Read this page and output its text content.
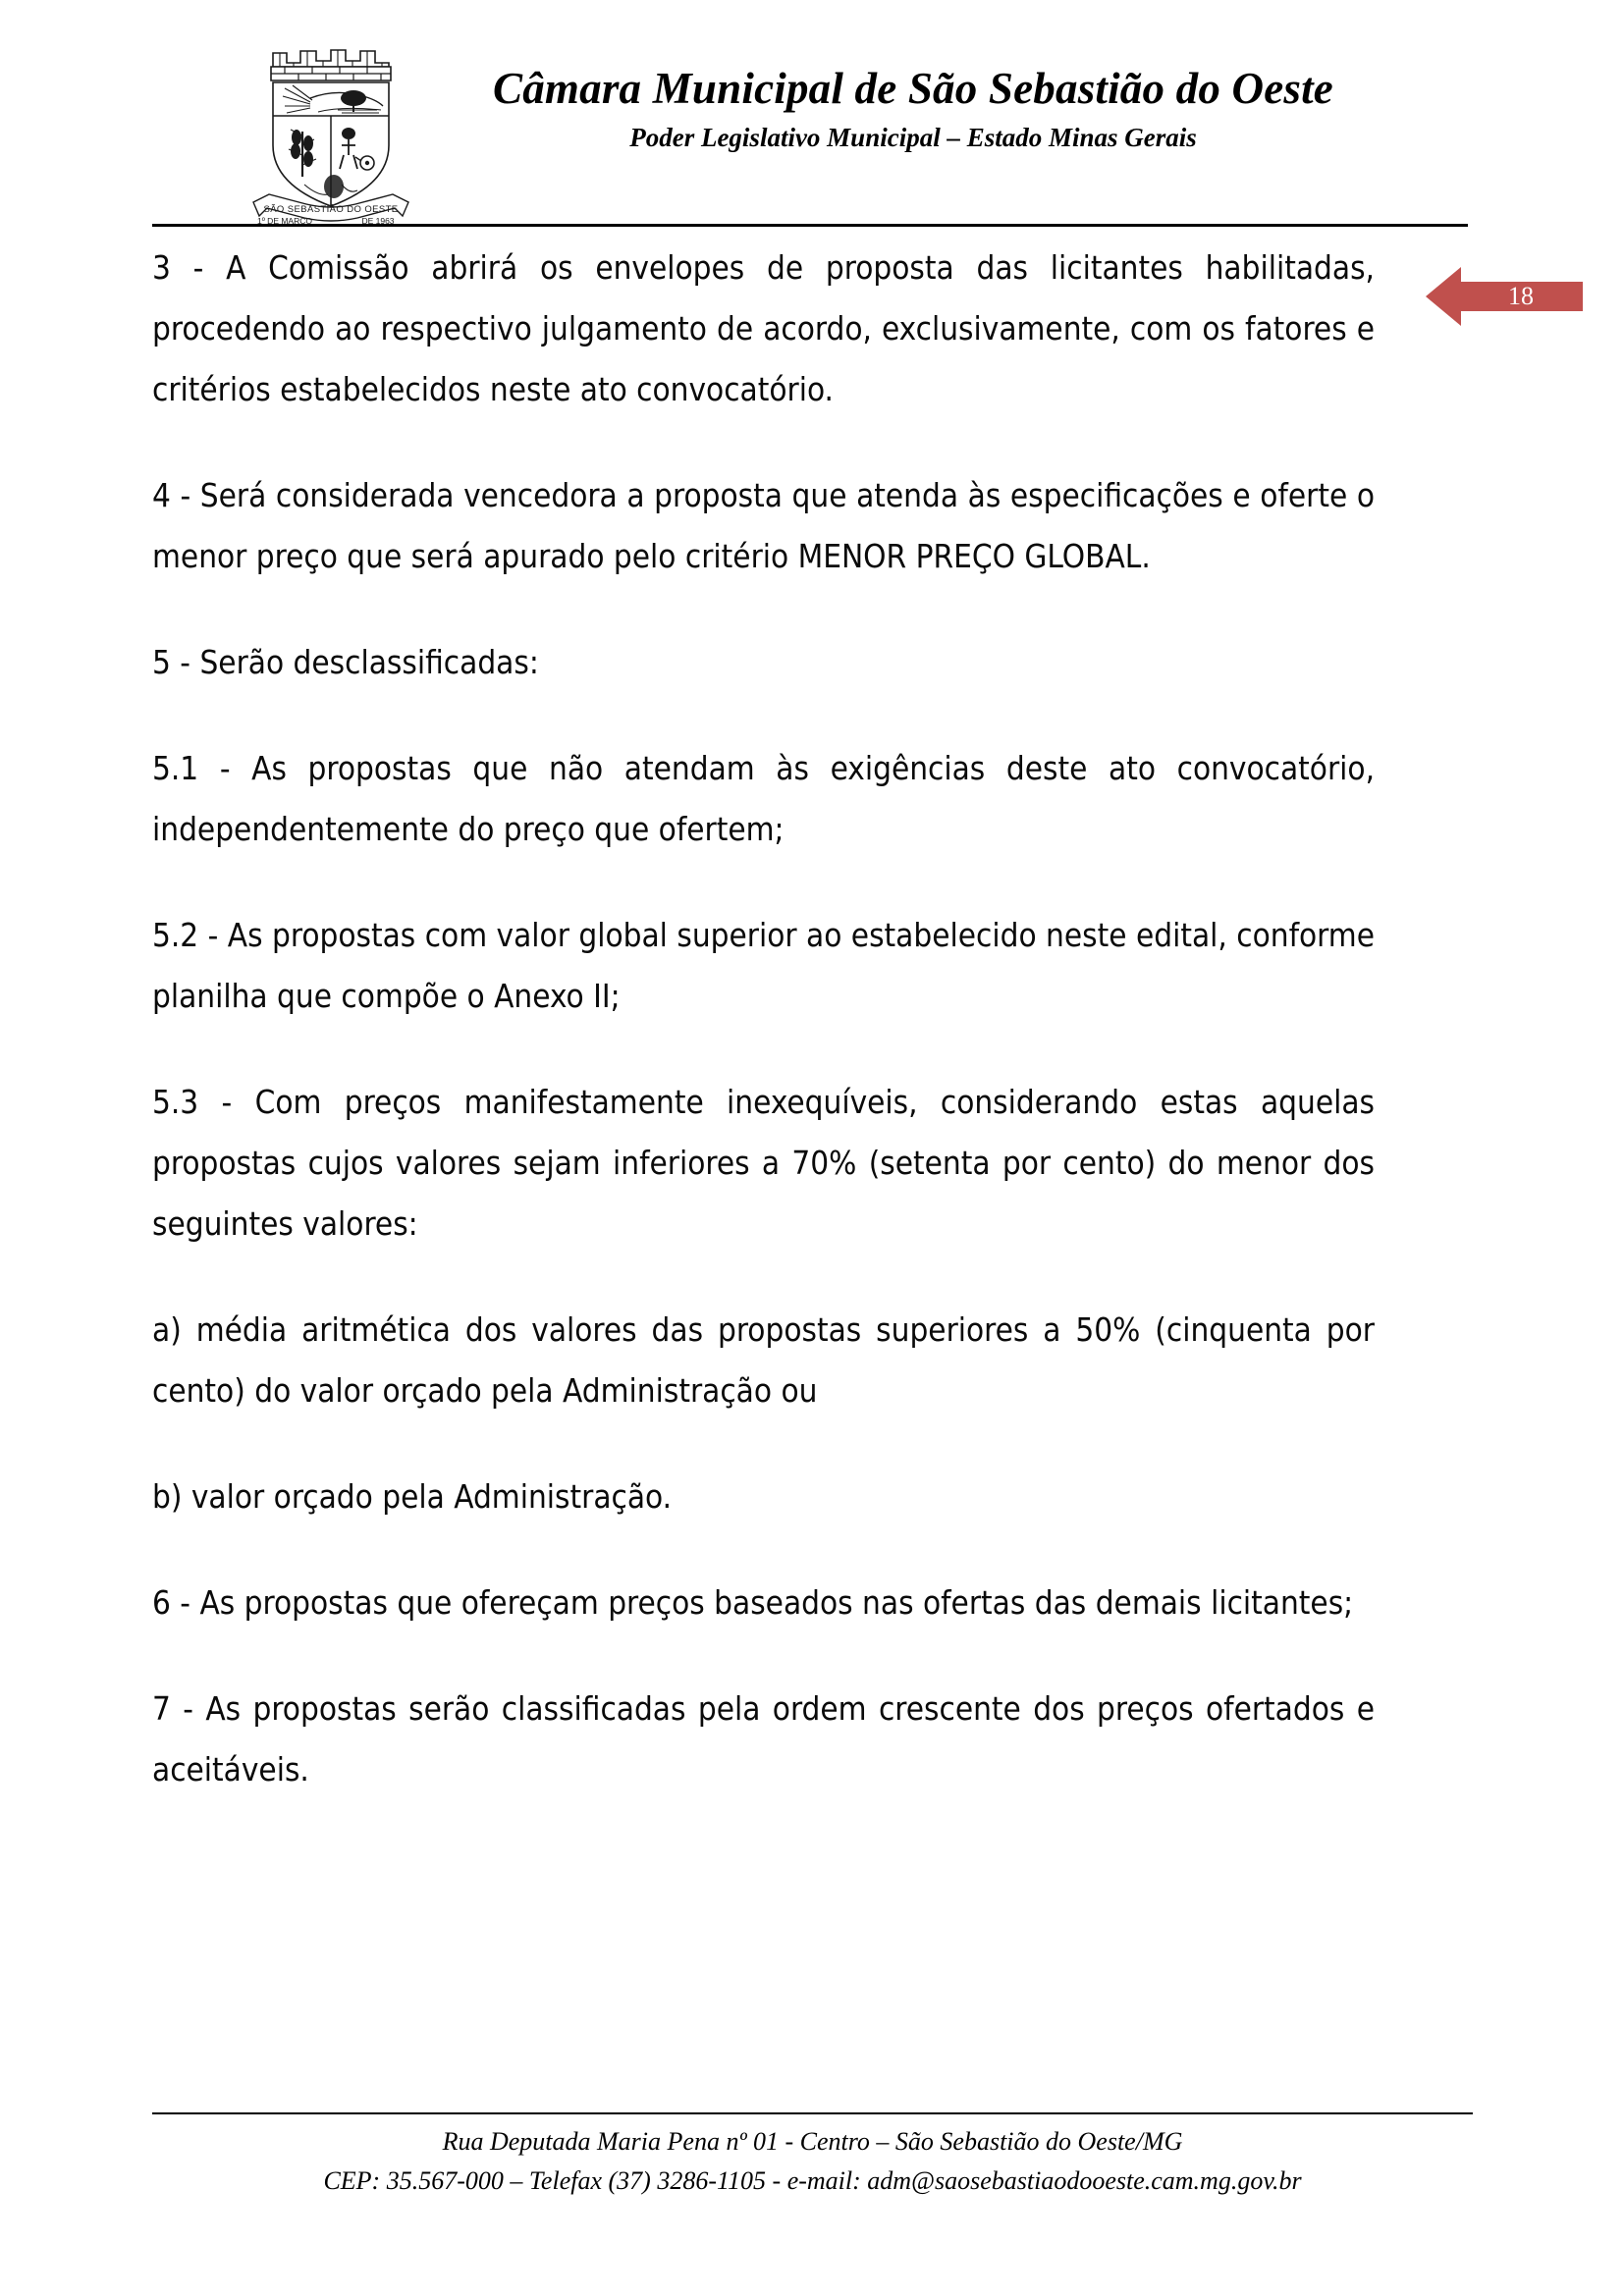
SÃO SEBASTIÃO DO OESTE
1º DE MARÇO	DE 1963
Câmara Municipal de São Sebastião do Oeste
Poder Legislativo Municipal – Estado Minas Gerais
18

3 - A Comissão abrirá os envelopes de proposta das licitantes habilitadas, procedendo ao respectivo julgamento de acordo, exclusivamente, com os fatores e critérios estabelecidos neste ato convocatório.

4 - Será considerada vencedora a proposta que atenda às especificações e oferte o menor preço que será apurado pelo critério MENOR PREÇO GLOBAL.

5 - Serão desclassificadas:

5.1 - As propostas que não atendam às exigências deste ato convocatório, independentemente do preço que ofertem;

5.2 - As propostas com valor global superior ao estabelecido neste edital, conforme planilha que compõe o Anexo II;

5.3 - Com preços manifestamente inexequíveis, considerando estas aquelas propostas cujos valores sejam inferiores a 70% (setenta por cento) do menor dos seguintes valores:

a) média aritmética dos valores das propostas superiores a 50% (cinquenta por cento) do valor orçado pela Administração ou

b) valor orçado pela Administração.

6 - As propostas que ofereçam preços baseados nas ofertas das demais licitantes;

7 - As propostas serão classificadas pela ordem crescente dos preços ofertados e aceitáveis.

Rua Deputada Maria Pena nº 01 - Centro – São Sebastião do Oeste/MG
CEP: 35.567-000 – Telefax (37) 3286-1105 - e-mail: adm@saosebastiaodooeste.cam.mg.gov.br
